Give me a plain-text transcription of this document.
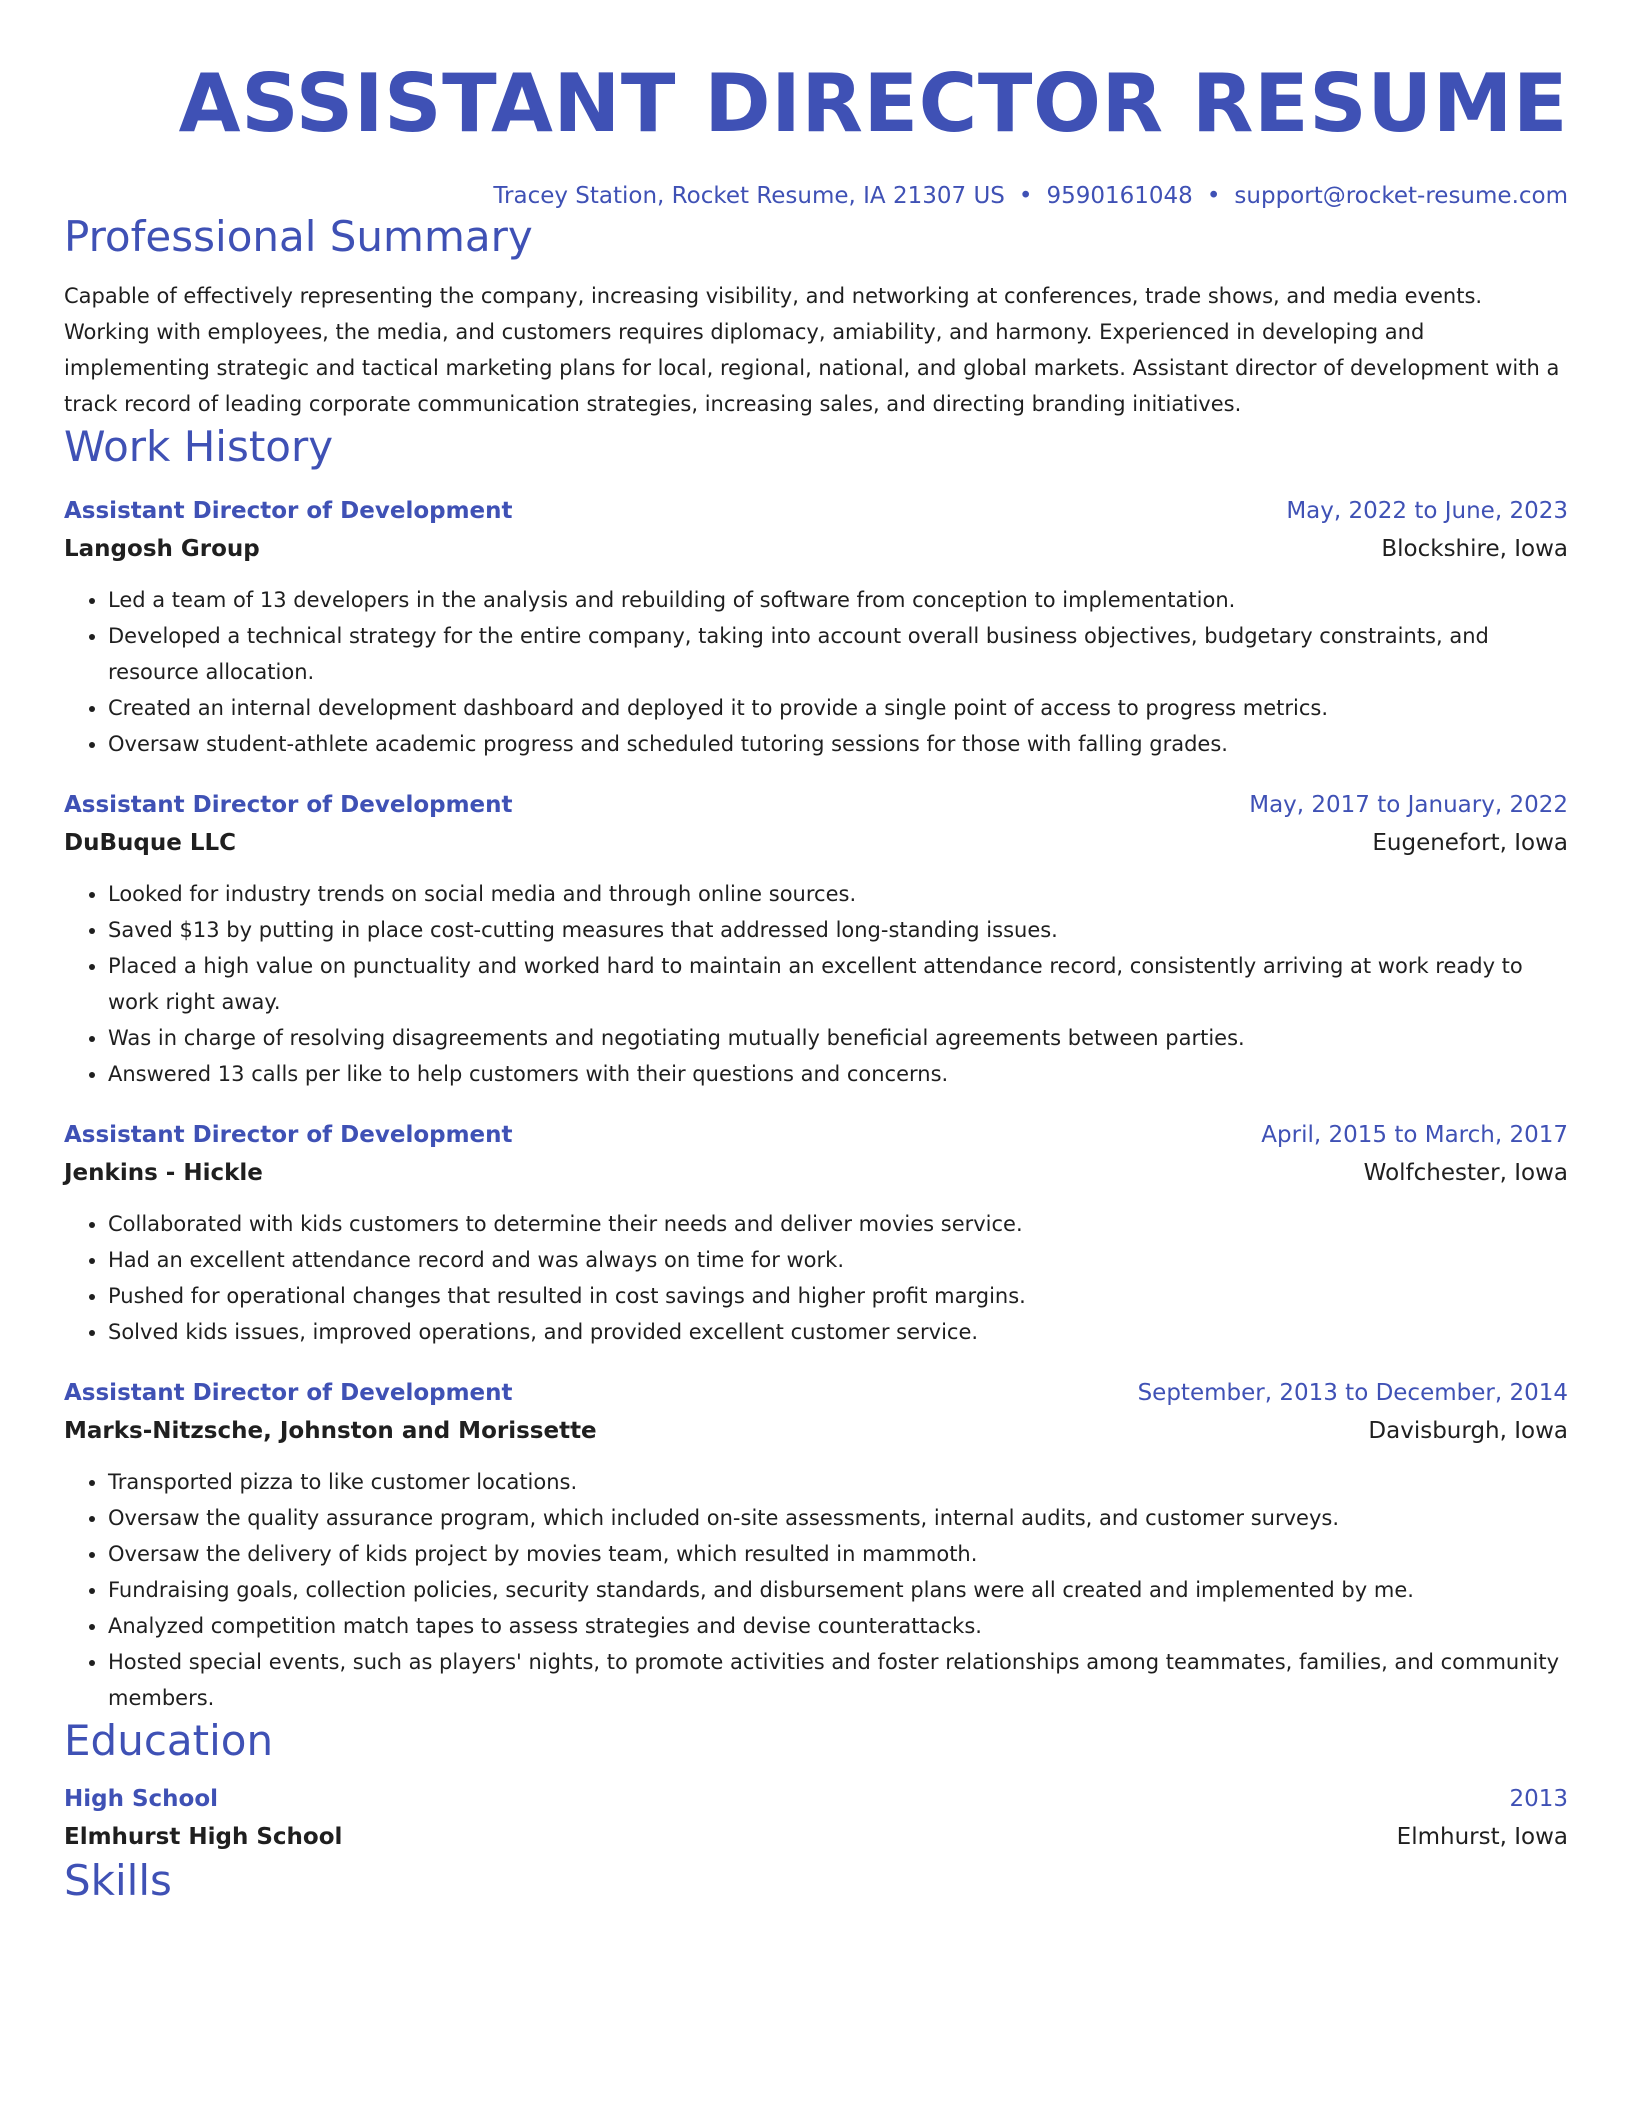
ASSISTANT DIRECTOR RESUME
Tracey Station, Rocket Resume, IA 21307 US • 9590161048 • support@rocket-resume.com
Professional Summary

Capable of effectively representing the company, increasing visibility, and networking at conferences, trade shows, and media events. Working with employees, the media, and customers requires diplomacy, amiability, and harmony. Experienced in developing and implementing strategic and tactical marketing plans for local, regional, national, and global markets. Assistant director of development with a track record of leading corporate communication strategies, increasing sales, and directing branding initiatives.

Work History
Assistant Director of Development	May, 2022 to June, 2023
Langosh Group	Blockshire, Iowa
• Led a team of 13 developers in the analysis and rebuilding of software from conception to implementation.
• Developed a technical strategy for the entire company, taking into account overall business objectives, budgetary constraints, and resource allocation.
• Created an internal development dashboard and deployed it to provide a single point of access to progress metrics.
• Oversaw student-athlete academic progress and scheduled tutoring sessions for those with falling grades.
Assistant Director of Development	May, 2017 to January, 2022
DuBuque LLC	Eugenefort, Iowa
• Looked for industry trends on social media and through online sources.
• Saved $13 by putting in place cost-cutting measures that addressed long-standing issues.
• Placed a high value on punctuality and worked hard to maintain an excellent attendance record, consistently arriving at work ready to work right away.
• Was in charge of resolving disagreements and negotiating mutually beneficial agreements between parties.
• Answered 13 calls per like to help customers with their questions and concerns.
Assistant Director of Development	April, 2015 to March, 2017
Jenkins - Hickle	Wolfchester, Iowa
• Collaborated with kids customers to determine their needs and deliver movies service.
• Had an excellent attendance record and was always on time for work.
• Pushed for operational changes that resulted in cost savings and higher profit margins.
• Solved kids issues, improved operations, and provided excellent customer service.
Assistant Director of Development	September, 2013 to December, 2014
Marks-Nitzsche, Johnston and Morissette	Davisburgh, Iowa
• Transported pizza to like customer locations.
• Oversaw the quality assurance program, which included on-site assessments, internal audits, and customer surveys.
• Oversaw the delivery of kids project by movies team, which resulted in mammoth.
• Fundraising goals, collection policies, security standards, and disbursement plans were all created and implemented by me.
• Analyzed competition match tapes to assess strategies and devise counterattacks.
• Hosted special events, such as players' nights, to promote activities and foster relationships among teammates, families, and community members.
Education
High School	2013
Elmhurst High School	Elmhurst, Iowa
Skills
